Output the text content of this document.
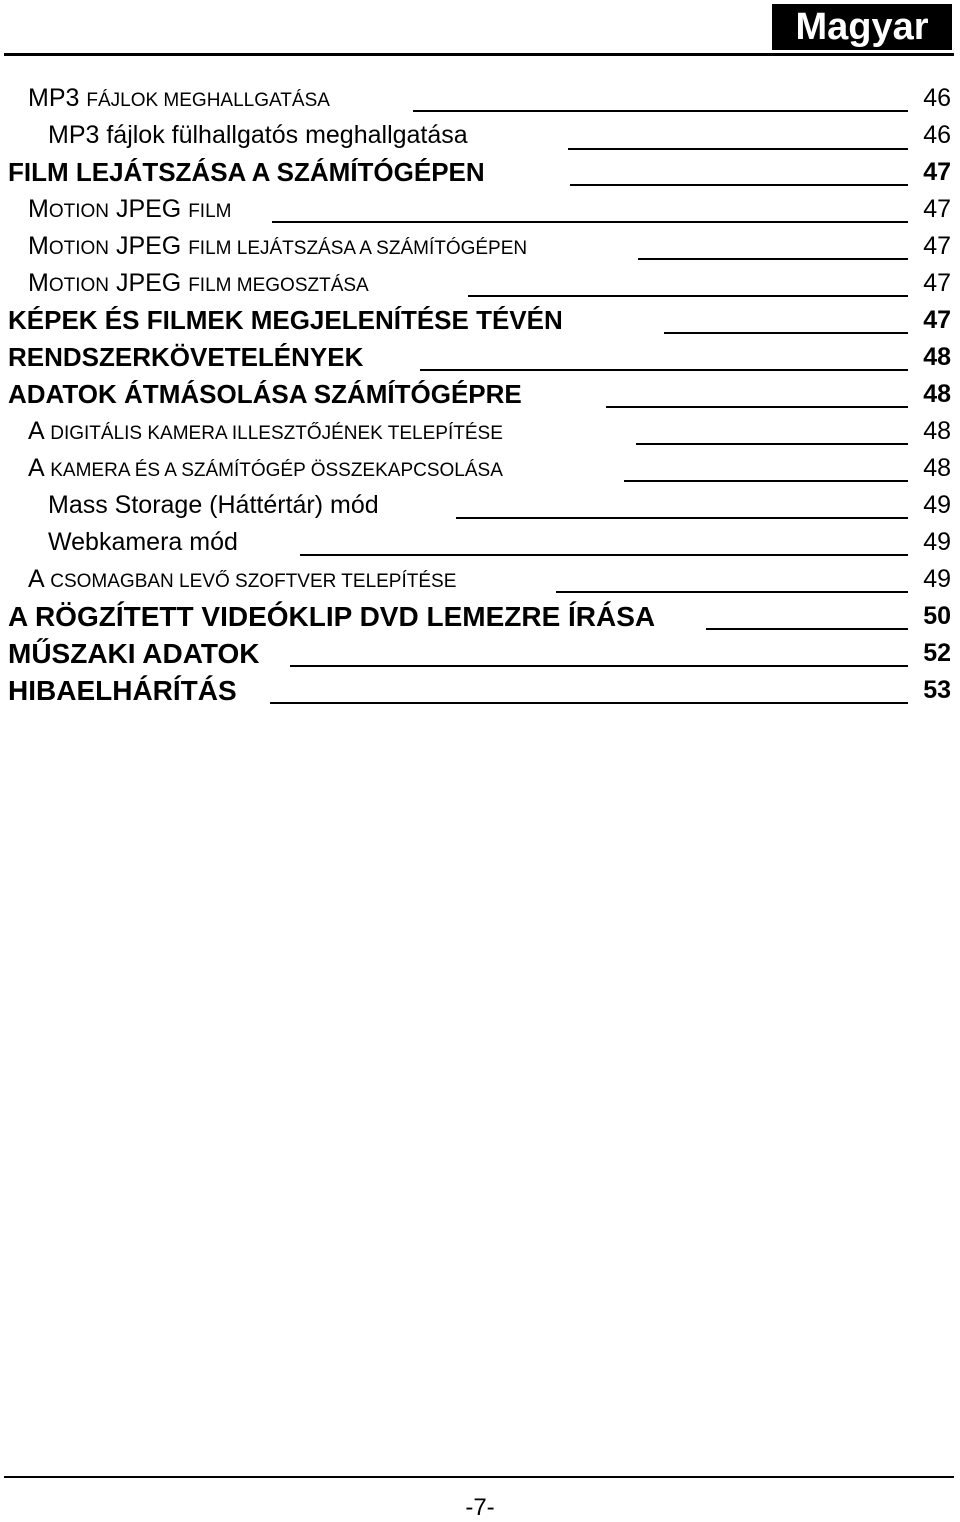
Magyar
MP3 FÁJLOK MEGHALLGATÁSA	46
MP3 fájlok fülhallgatós meghallgatása	46
FILM LEJÁTSZÁSA A SZÁMÍTÓGÉPEN	47
MOTION JPEG FILM	47
MOTION JPEG FILM LEJÁTSZÁSA A SZÁMÍTÓGÉPEN	47
MOTION JPEG FILM MEGOSZTÁSA	47
KÉPEK ÉS FILMEK MEGJELENÍTÉSE TÉVÉN	47
RENDSZERKÖVETELÉNYEK	48
ADATOK ÁTMÁSOLÁSA SZÁMÍTÓGÉPRE	48
A DIGITÁLIS KAMERA ILLESZTŐJÉNEK TELEPÍTÉSE	48
A KAMERA ÉS A SZÁMÍTÓGÉP ÖSSZEKAPCSOLÁSA	48
Mass Storage (Háttértár) mód	49
Webkamera mód	49
A CSOMAGBAN LEVŐ SZOFTVER TELEPÍTÉSE	49
A RÖGZÍTETT VIDEÓKLIP DVD LEMEZRE ÍRÁSA	50
MŰSZAKI ADATOK	52
HIBAELHÁRÍTÁS	53
-7-
